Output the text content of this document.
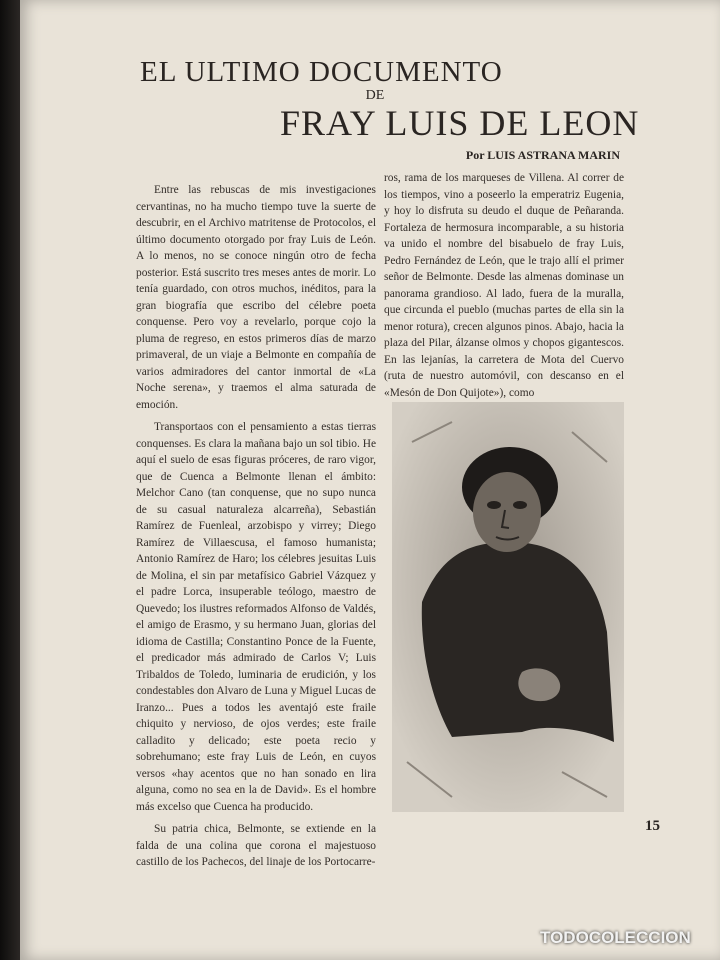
EL ULTIMO DOCUMENTO
DE
FRAY LUIS DE LEON
Por LUIS ASTRANA MARIN

Entre las rebuscas de mis investigaciones cervantinas, no ha mucho tiempo tuve la suerte de descubrir, en el Archivo matritense de Protocolos, el último documento otorgado por fray Luis de León. A lo menos, no se conoce ningún otro de fecha posterior. Está suscrito tres meses antes de morir. Lo tenía guardado, con otros muchos, inéditos, para la gran biografía que escribo del célebre poeta conquense. Pero voy a revelarlo, porque cojo la pluma de regreso, en estos primeros días de marzo primaveral, de un viaje a Belmonte en compañía de varios admiradores del cantor inmortal de «La Noche serena», y traemos el alma saturada de emoción.

Transportaos con el pensamiento a estas tierras conquenses. Es clara la mañana bajo un sol tibio. He aquí el suelo de esas figuras próceres, de raro vigor, que de Cuenca a Belmonte llenan el ámbito: Melchor Cano (tan conquense, que no supo nunca de su casual naturaleza alcarreña), Sebastián Ramírez de Fuenleal, arzobispo y virrey; Diego Ramírez de Villaescusa, el famoso humanista; Antonio Ramírez de Haro; los célebres jesuitas Luis de Molina, el sin par metafísico Gabriel Vázquez y el padre Lorca, insuperable teólogo, maestro de Quevedo; los ilustres reformados Alfonso de Valdés, el amigo de Erasmo, y su hermano Juan, glorias del idioma de Castilla; Constantino Ponce de la Fuente, el predicador más admirado de Carlos V; Luis Tribaldos de Toledo, luminaria de erudición, y los condestables don Alvaro de Luna y Miguel Lucas de Iranzo... Pues a todos les aventajó este fraile chiquito y nervioso, de ojos verdes; este fraile calladito y delicado; este poeta recio y sobrehumano; este fray Luis de León, en cuyos versos «hay acentos que no han sonado en lira alguna, como no sea en la de David». Es el hombre más excelso que Cuenca ha producido.

Su patria chica, Belmonte, se extiende en la falda de una colina que corona el majestuoso castillo de los Pachecos, del linaje de los Portocarre-

ros, rama de los marqueses de Villena. Al correr de los tiempos, vino a poseerlo la emperatriz Eugenia, y hoy lo disfruta su deudo el duque de Peñaranda. Fortaleza de hermosura incomparable, a su historia va unido el nombre del bisabuelo de fray Luis, Pedro Fernández de León, que le trajo allí el primer señor de Belmonte. Desde las almenas dominase un panorama grandioso. Al lado, fuera de la muralla, que circunda el pueblo (muchas partes de ella sin la menor rotura), crecen algunos pinos. Abajo, hacia la plaza del Pilar, álzanse olmos y chopos gigantescos. En las lejanías, la carretera de Mota del Cuervo (ruta de nuestro automóvil, con descanso en el «Mesón de Don Quijote»), como

15
TODOCOLECCION
